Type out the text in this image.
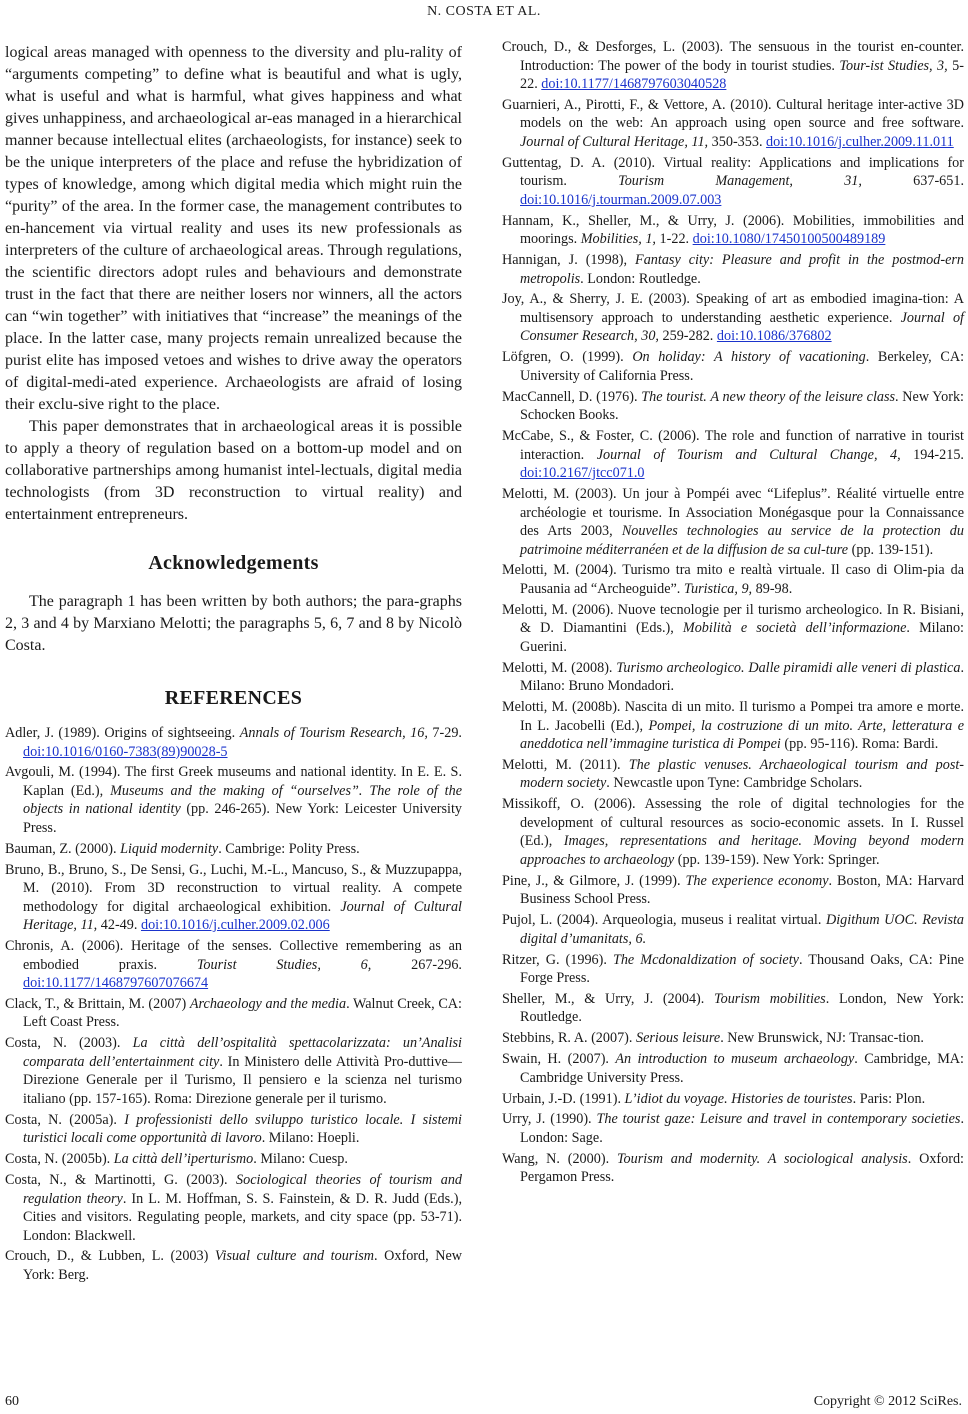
N. COSTA ET AL.

logical areas managed with openness to the diversity and plu-rality of “arguments competing” to define what is beautiful and what is ugly, what is useful and what is harmful, what gives happiness and what gives unhappiness, and archaeological ar-eas managed in a hierarchical manner because intellectual elites (archaeologists, for instance) seek to be the unique interpreters of the place and refuse the hybridization of types of knowledge, among which digital media which might ruin the “purity” of the area. In the former case, the management contributes to en-hancement via virtual reality and uses its new professionals as interpreters of the culture of archaeological areas. Through regulations, the scientific directors adopt rules and behaviours and demonstrate trust in the fact that there are neither losers nor winners, all the actors can “win together” with initiatives that “increase” the meanings of the place. In the latter case, many projects remain unrealized because the purist elite has imposed vetoes and wishes to drive away the operators of digital-medi-ated experience. Archaeologists are afraid of losing their exclu-sive right to the place.

This paper demonstrates that in archaeological areas it is possible to apply a theory of regulation based on a bottom-up model and on collaborative partnerships among humanist intel-lectuals, digital media technologists (from 3D reconstruction to virtual reality) and entertainment entrepreneurs.

Acknowledgements

The paragraph 1 has been written by both authors; the para-graphs 2, 3 and 4 by Marxiano Melotti; the paragraphs 5, 6, 7 and 8 by Nicolò Costa.

REFERENCES
Adler, J. (1989). Origins of sightseeing. Annals of Tourism Research, 16, 7-29. doi:10.1016/0160-7383(89)90028-5
Avgouli, M. (1994). The first Greek museums and national identity. In E. E. S. Kaplan (Ed.), Museums and the making of “ourselves”. The role of the objects in national identity (pp. 246-265). New York: Leicester University Press.
Bauman, Z. (2000). Liquid modernity. Cambrige: Polity Press.
Bruno, B., Bruno, S., De Sensi, G., Luchi, M.-L., Mancuso, S., & Muzzupappa, M. (2010). From 3D reconstruction to virtual reality. A compete methodology for digital archaeological exhibition. Journal of Cultural Heritage, 11, 42-49. doi:10.1016/j.culher.2009.02.006
Chronis, A. (2006). Heritage of the senses. Collective remembering as an embodied praxis. Tourist Studies, 6, 267-296. doi:10.1177/1468797607076674
Clack, T., & Brittain, M. (2007) Archaeology and the media. Walnut Creek, CA: Left Coast Press.
Costa, N. (2003). La città dell’ospitalità spettacolarizzata: un’Analisi comparata dell’entertainment city. In Ministero delle Attività Pro-duttive—Direzione Generale per il Turismo, Il pensiero e la scienza nel turismo italiano (pp. 157-165). Roma: Direzione generale per il turismo.
Costa, N. (2005a). I professionisti dello sviluppo turistico locale. I sistemi turistici locali come opportunità di lavoro. Milano: Hoepli.
Costa, N. (2005b). La città dell’iperturismo. Milano: Cuesp.
Costa, N., & Martinotti, G. (2003). Sociological theories of tourism and regulation theory. In L. M. Hoffman, S. S. Fainstein, & D. R. Judd (Eds.), Cities and visitors. Regulating people, markets, and city space (pp. 53-71). London: Blackwell.
Crouch, D., & Lubben, L. (2003) Visual culture and tourism. Oxford, New York: Berg.
Crouch, D., & Desforges, L. (2003). The sensuous in the tourist en-counter. Introduction: The power of the body in tourist studies. Tour-ist Studies, 3, 5-22. doi:10.1177/1468797603040528
Guarnieri, A., Pirotti, F., & Vettore, A. (2010). Cultural heritage inter-active 3D models on the web: An approach using open source and free software. Journal of Cultural Heritage, 11, 350-353. doi:10.1016/j.culher.2009.11.011
Guttentag, D. A. (2010). Virtual reality: Applications and implications for tourism. Tourism Management, 31, 637-651. doi:10.1016/j.tourman.2009.07.003
Hannam, K., Sheller, M., & Urry, J. (2006). Mobilities, immobilities and moorings. Mobilities, 1, 1-22. doi:10.1080/17450100500489189
Hannigan, J. (1998), Fantasy city: Pleasure and profit in the postmod-ern metropolis. London: Routledge.
Joy, A., & Sherry, J. E. (2003). Speaking of art as embodied imagina-tion: A multisensory approach to understanding aesthetic experience. Journal of Consumer Research, 30, 259-282. doi:10.1086/376802
Löfgren, O. (1999). On holiday: A history of vacationing. Berkeley, CA: University of California Press.
MacCannell, D. (1976). The tourist. A new theory of the leisure class. New York: Schocken Books.
McCabe, S., & Foster, C. (2006). The role and function of narrative in tourist interaction. Journal of Tourism and Cultural Change, 4, 194-215. doi:10.2167/jtcc071.0
Melotti, M. (2003). Un jour à Pompéi avec “Lifeplus”. Réalité virtuelle entre archéologie et tourisme. In Association Monégasque pour la Connaissance des Arts 2003, Nouvelles technologies au service de la protection du patrimoine méditerranéen et de la diffusion de sa cul-ture (pp. 139-151).
Melotti, M. (2004). Turismo tra mito e realtà virtuale. Il caso di Olim-pia da Pausania ad “Archeoguide”. Turistica, 9, 89-98.
Melotti, M. (2006). Nuove tecnologie per il turismo archeologico. In R. Bisiani, & D. Diamantini (Eds.), Mobilità e società dell’informazione. Milano: Guerini.
Melotti, M. (2008). Turismo archeologico. Dalle piramidi alle veneri di plastica. Milano: Bruno Mondadori.
Melotti, M. (2008b). Nascita di un mito. Il turismo a Pompei tra amore e morte. In L. Jacobelli (Ed.), Pompei, la costruzione di un mito. Arte, letteratura e aneddotica nell’immagine turistica di Pompei (pp. 95-116). Roma: Bardi.
Melotti, M. (2011). The plastic venuses. Archaeological tourism and post-modern society. Newcastle upon Tyne: Cambridge Scholars.
Missikoff, O. (2006). Assessing the role of digital technologies for the development of cultural resources as socio-economic assets. In I. Russel (Ed.), Images, representations and heritage. Moving beyond modern approaches to archaeology (pp. 139-159). New York: Springer.
Pine, J., & Gilmore, J. (1999). The experience economy. Boston, MA: Harvard Business School Press.
Pujol, L. (2004). Arqueologia, museus i realitat virtual. Digithum UOC. Revista digital d’umanitats, 6.
Ritzer, G. (1996). The Mcdonaldization of society. Thousand Oaks, CA: Pine Forge Press.
Sheller, M., & Urry, J. (2004). Tourism mobilities. London, New York: Routledge.
Stebbins, R. A. (2007). Serious leisure. New Brunswick, NJ: Transac-tion.
Swain, H. (2007). An introduction to museum archaeology. Cambridge, MA: Cambridge University Press.
Urbain, J.-D. (1991). L’idiot du voyage. Histories de touristes. Paris: Plon.
Urry, J. (1990). The tourist gaze: Leisure and travel in contemporary societies. London: Sage.
Wang, N. (2000). Tourism and modernity. A sociological analysis. Oxford: Pergamon Press.
60	Copyright © 2012 SciRes.
